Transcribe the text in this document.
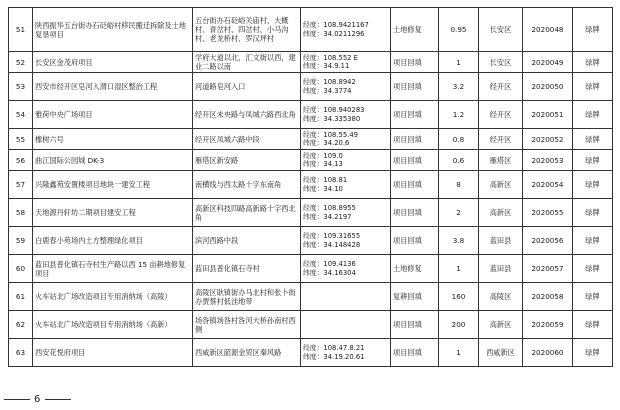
51	陕西振华五台街办石砭峪村移民搬迁拆除及土地复垦项目	五台街办石砭峪关庙村、大概村、青岔村、四岔村、小马沟村、老龙桥村、罗汉坪村	经度：108.9421167
纬度：34.0211296	土地修复	0.95	长安区	2020048	绿牌
52	长安区金茂府项目	学府大道以北，汇文街以西，建业二路以南	经度：108.552 E
纬度：34.9.11	项目回填	1	长安区	2020049	绿牌
53	西安市经开区皂河入渭口湿区整治工程	河道路皂河入口	经度：108.8942
纬度：34.3774	项目回填	3.2	经开区	2020050	绿牌
54	雅荷中央广场项目	经开区未央路与凤城六路西北角	经度：108.940283
纬度：34.335380	项目回填	1.2	经开区	2020051	绿牌
55	橡树六号	经开区凤城六路中段	经度：108.55.49
纬度：34.20.6	项目回填	0.8	经开区	2020052	绿牌
56	曲江国际公园城 DK-3	雁塔区新安路	经度：109.0
纬度：34.13	项目回填	0.6	雁塔区	2020053	绿牌
57	兴隆鑫苑安置楼项目地块一建安工程	南横线与西太路十字东南角	经度：108.81
纬度：34.10	项目回填	8	高新区	2020054	绿牌
58	天地源丹轩坊二期项目建安工程	高新区科技四路高新路十字西北角	经度：108.8955
纬度：34.2197	项目回填	2	高新区	2020055	绿牌
59	白鹿春小苑场内土方整理绿化项目	滨河西路中段	经度：109.31655
纬度：34.148428	项目回填	3.8	蓝田县	2020056	绿牌
60	蓝田县普化镇石寺村生产路以西 15 亩耕地修复项目	蓝田县普化镇石寺村	经度：109.4136
纬度：34.16304	土地修复	1	蓝田县	2020057	绿牌
61	火车站北广场改造项目专用消纳场（高陵）	高陵区耿镇街办马北村和张卜街办贾蔡村低洼地带		复耕回填	160	高陵区	2020058	绿牌
62	火车站北广场改造项目专用消纳场（高新）	场咎镇场咎村咎河大桥孙南村西侧		项目回填	200	高新区	2020059	绿牌
63	西安花悦府项目	西咸新区韶源金贸区秦风路	经度：108.47.8.21
纬度：34.19.20.61	项目回填	1	西咸新区	2020060	绿牌
6
